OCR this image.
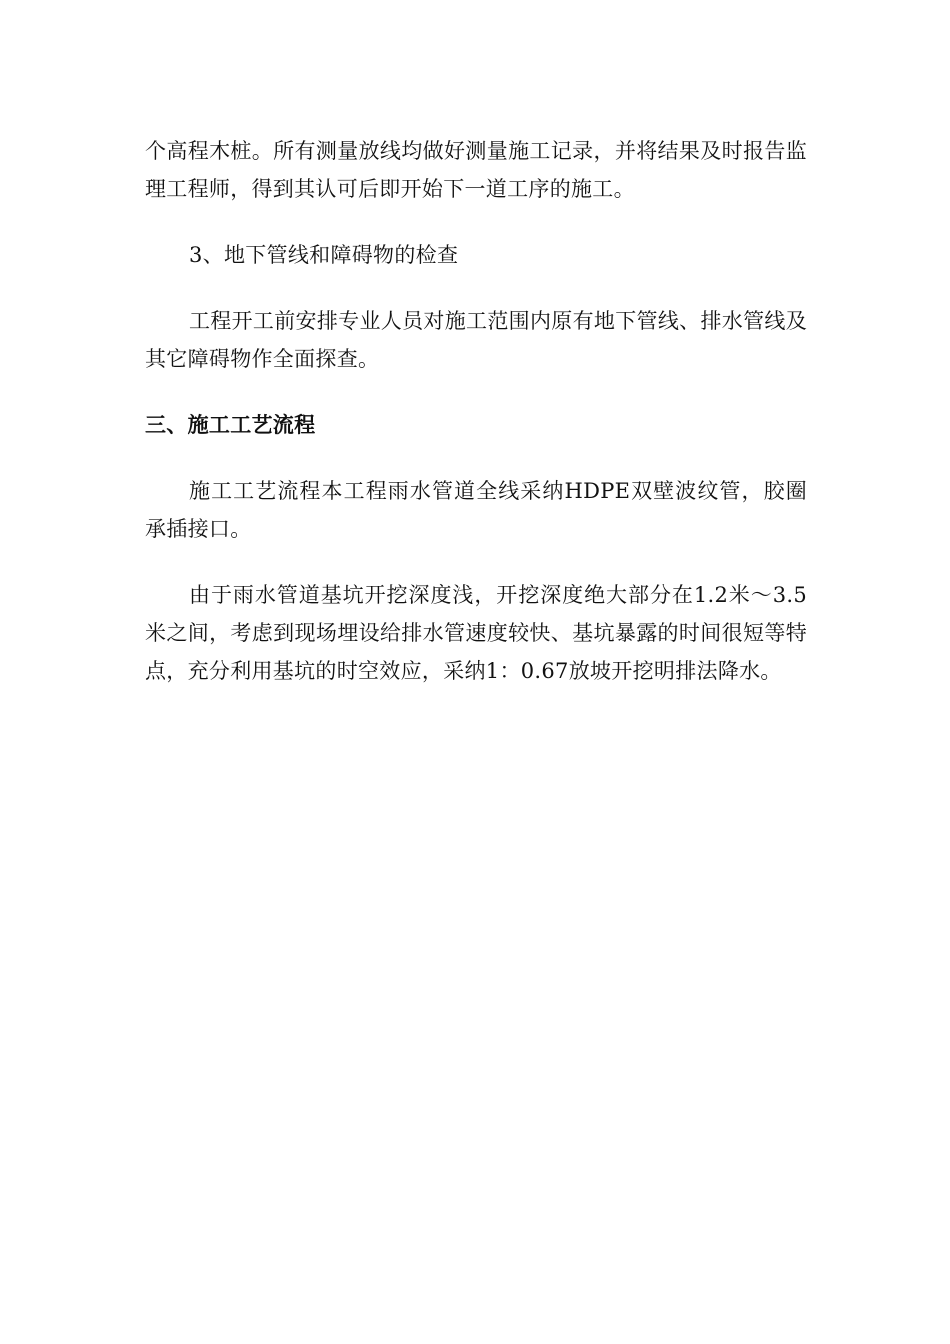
个高程木桩。所有测量放线均做好测量施工记录，并将结果及时报告监理工程师，得到其认可后即开始下一道工序的施工。

3、地下管线和障碍物的检查

工程开工前安排专业人员对施工范围内原有地下管线、排水管线及其它障碍物作全面探查。

三、施工工艺流程

施工工艺流程本工程雨水管道全线采纳HDPE双壁波纹管，胶圈承插接口。

由于雨水管道基坑开挖深度浅，开挖深度绝大部分在1.2米～3.5米之间，考虑到现场埋设给排水管速度较快、基坑暴露的时间很短等特点，充分利用基坑的时空效应，采纳1：0.67放坡开挖明排法降水。
